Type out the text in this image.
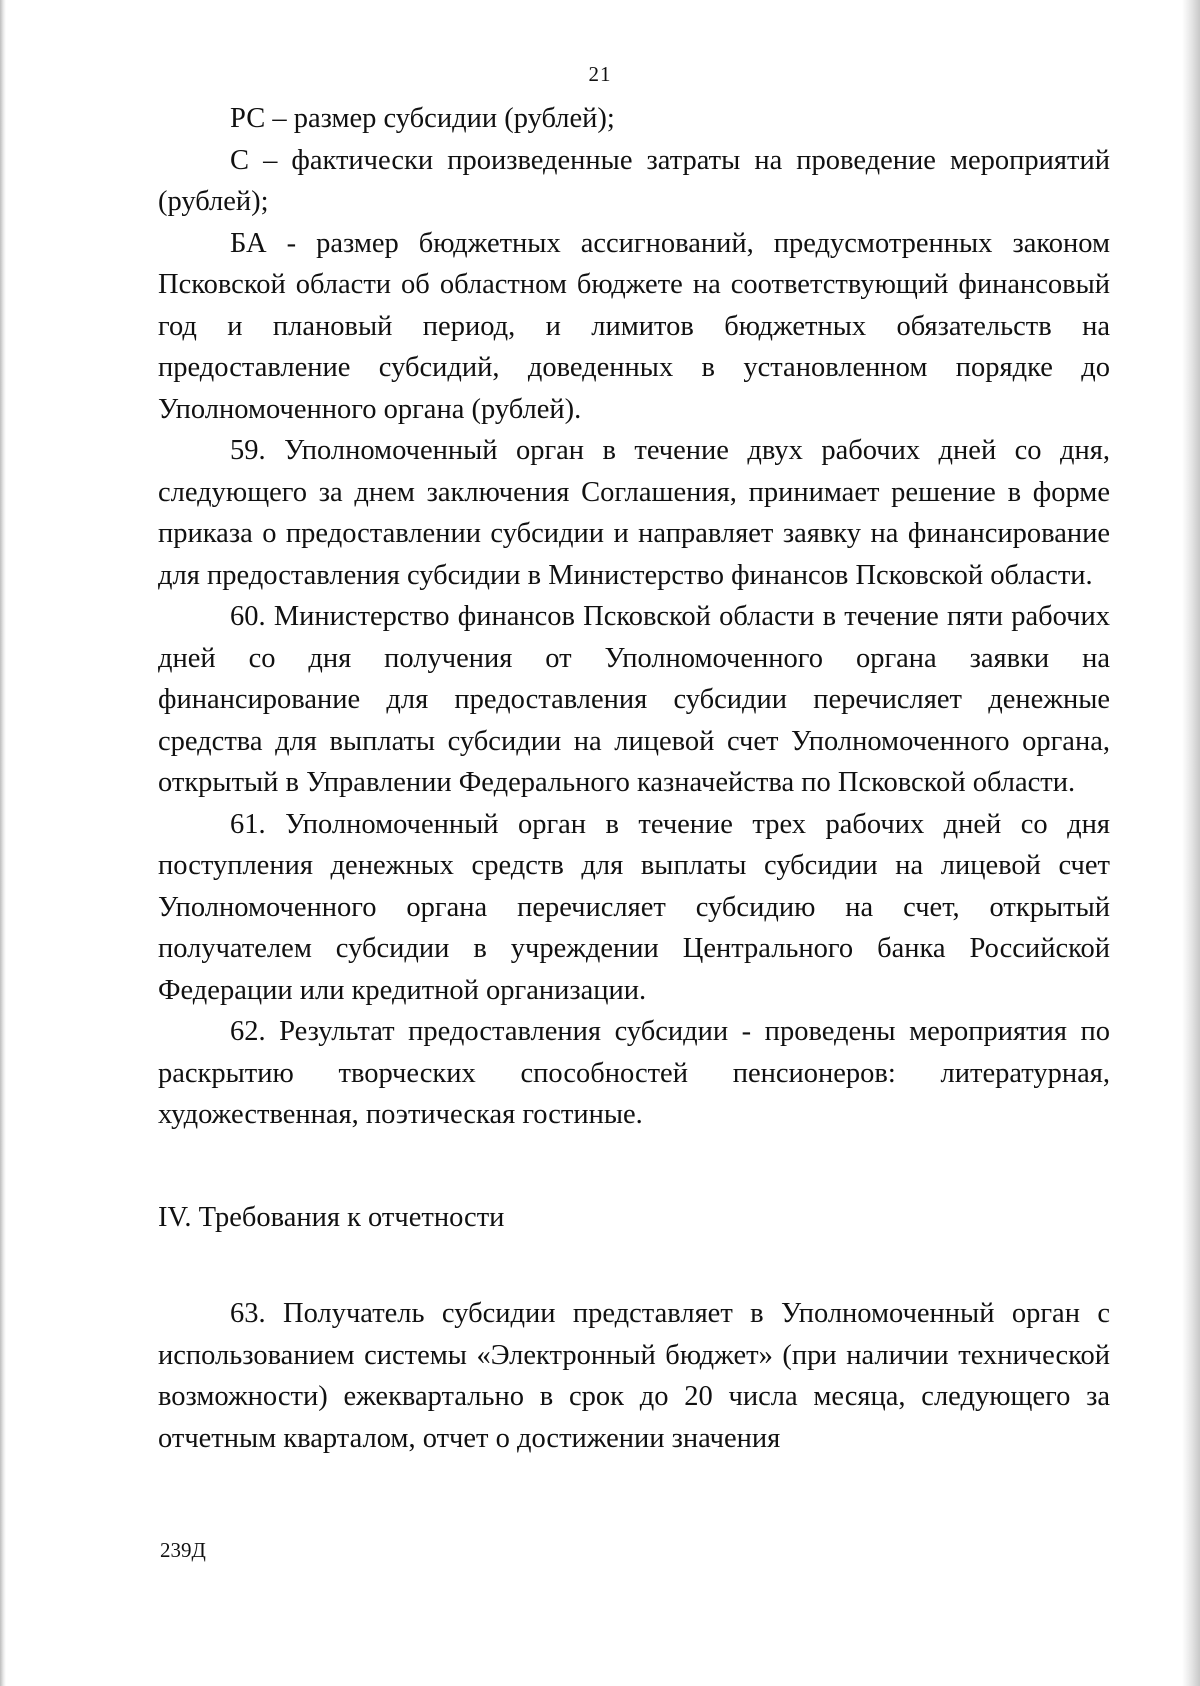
21

РС – размер субсидии (рублей);

С – фактически произведенные затраты на проведение мероприятий (рублей);

БА - размер бюджетных ассигнований, предусмотренных законом Псковской области об областном бюджете на соответствующий финансовый год и плановый период, и лимитов бюджетных обязательств на предоставление субсидий, доведенных в установленном порядке до Уполномоченного органа (рублей).

59. Уполномоченный орган в течение двух рабочих дней со дня, следующего за днем заключения Соглашения, принимает решение в форме приказа о предоставлении субсидии и направляет заявку на финансирование для предоставления субсидии в Министерство финансов Псковской области.

60. Министерство финансов Псковской области в течение пяти рабочих дней со дня получения от Уполномоченного органа заявки на финансирование для предоставления субсидии перечисляет денежные средства для выплаты субсидии на лицевой счет Уполномоченного органа, открытый в Управлении Федерального казначейства по Псковской области.

61. Уполномоченный орган в течение трех рабочих дней со дня поступления денежных средств для выплаты субсидии на лицевой счет Уполномоченного органа перечисляет субсидию на счет, открытый получателем субсидии в учреждении Центрального банка Российской Федерации или кредитной организации.

62. Результат предоставления субсидии - проведены мероприятия по раскрытию творческих способностей пенсионеров: литературная, художественная, поэтическая гостиные.

IV. Требования к отчетности

63. Получатель субсидии представляет в Уполномоченный орган с использованием системы «Электронный бюджет» (при наличии технической возможности) ежеквартально в срок до 20 числа месяца, следующего за отчетным кварталом, отчет о достижении значения

239Д
